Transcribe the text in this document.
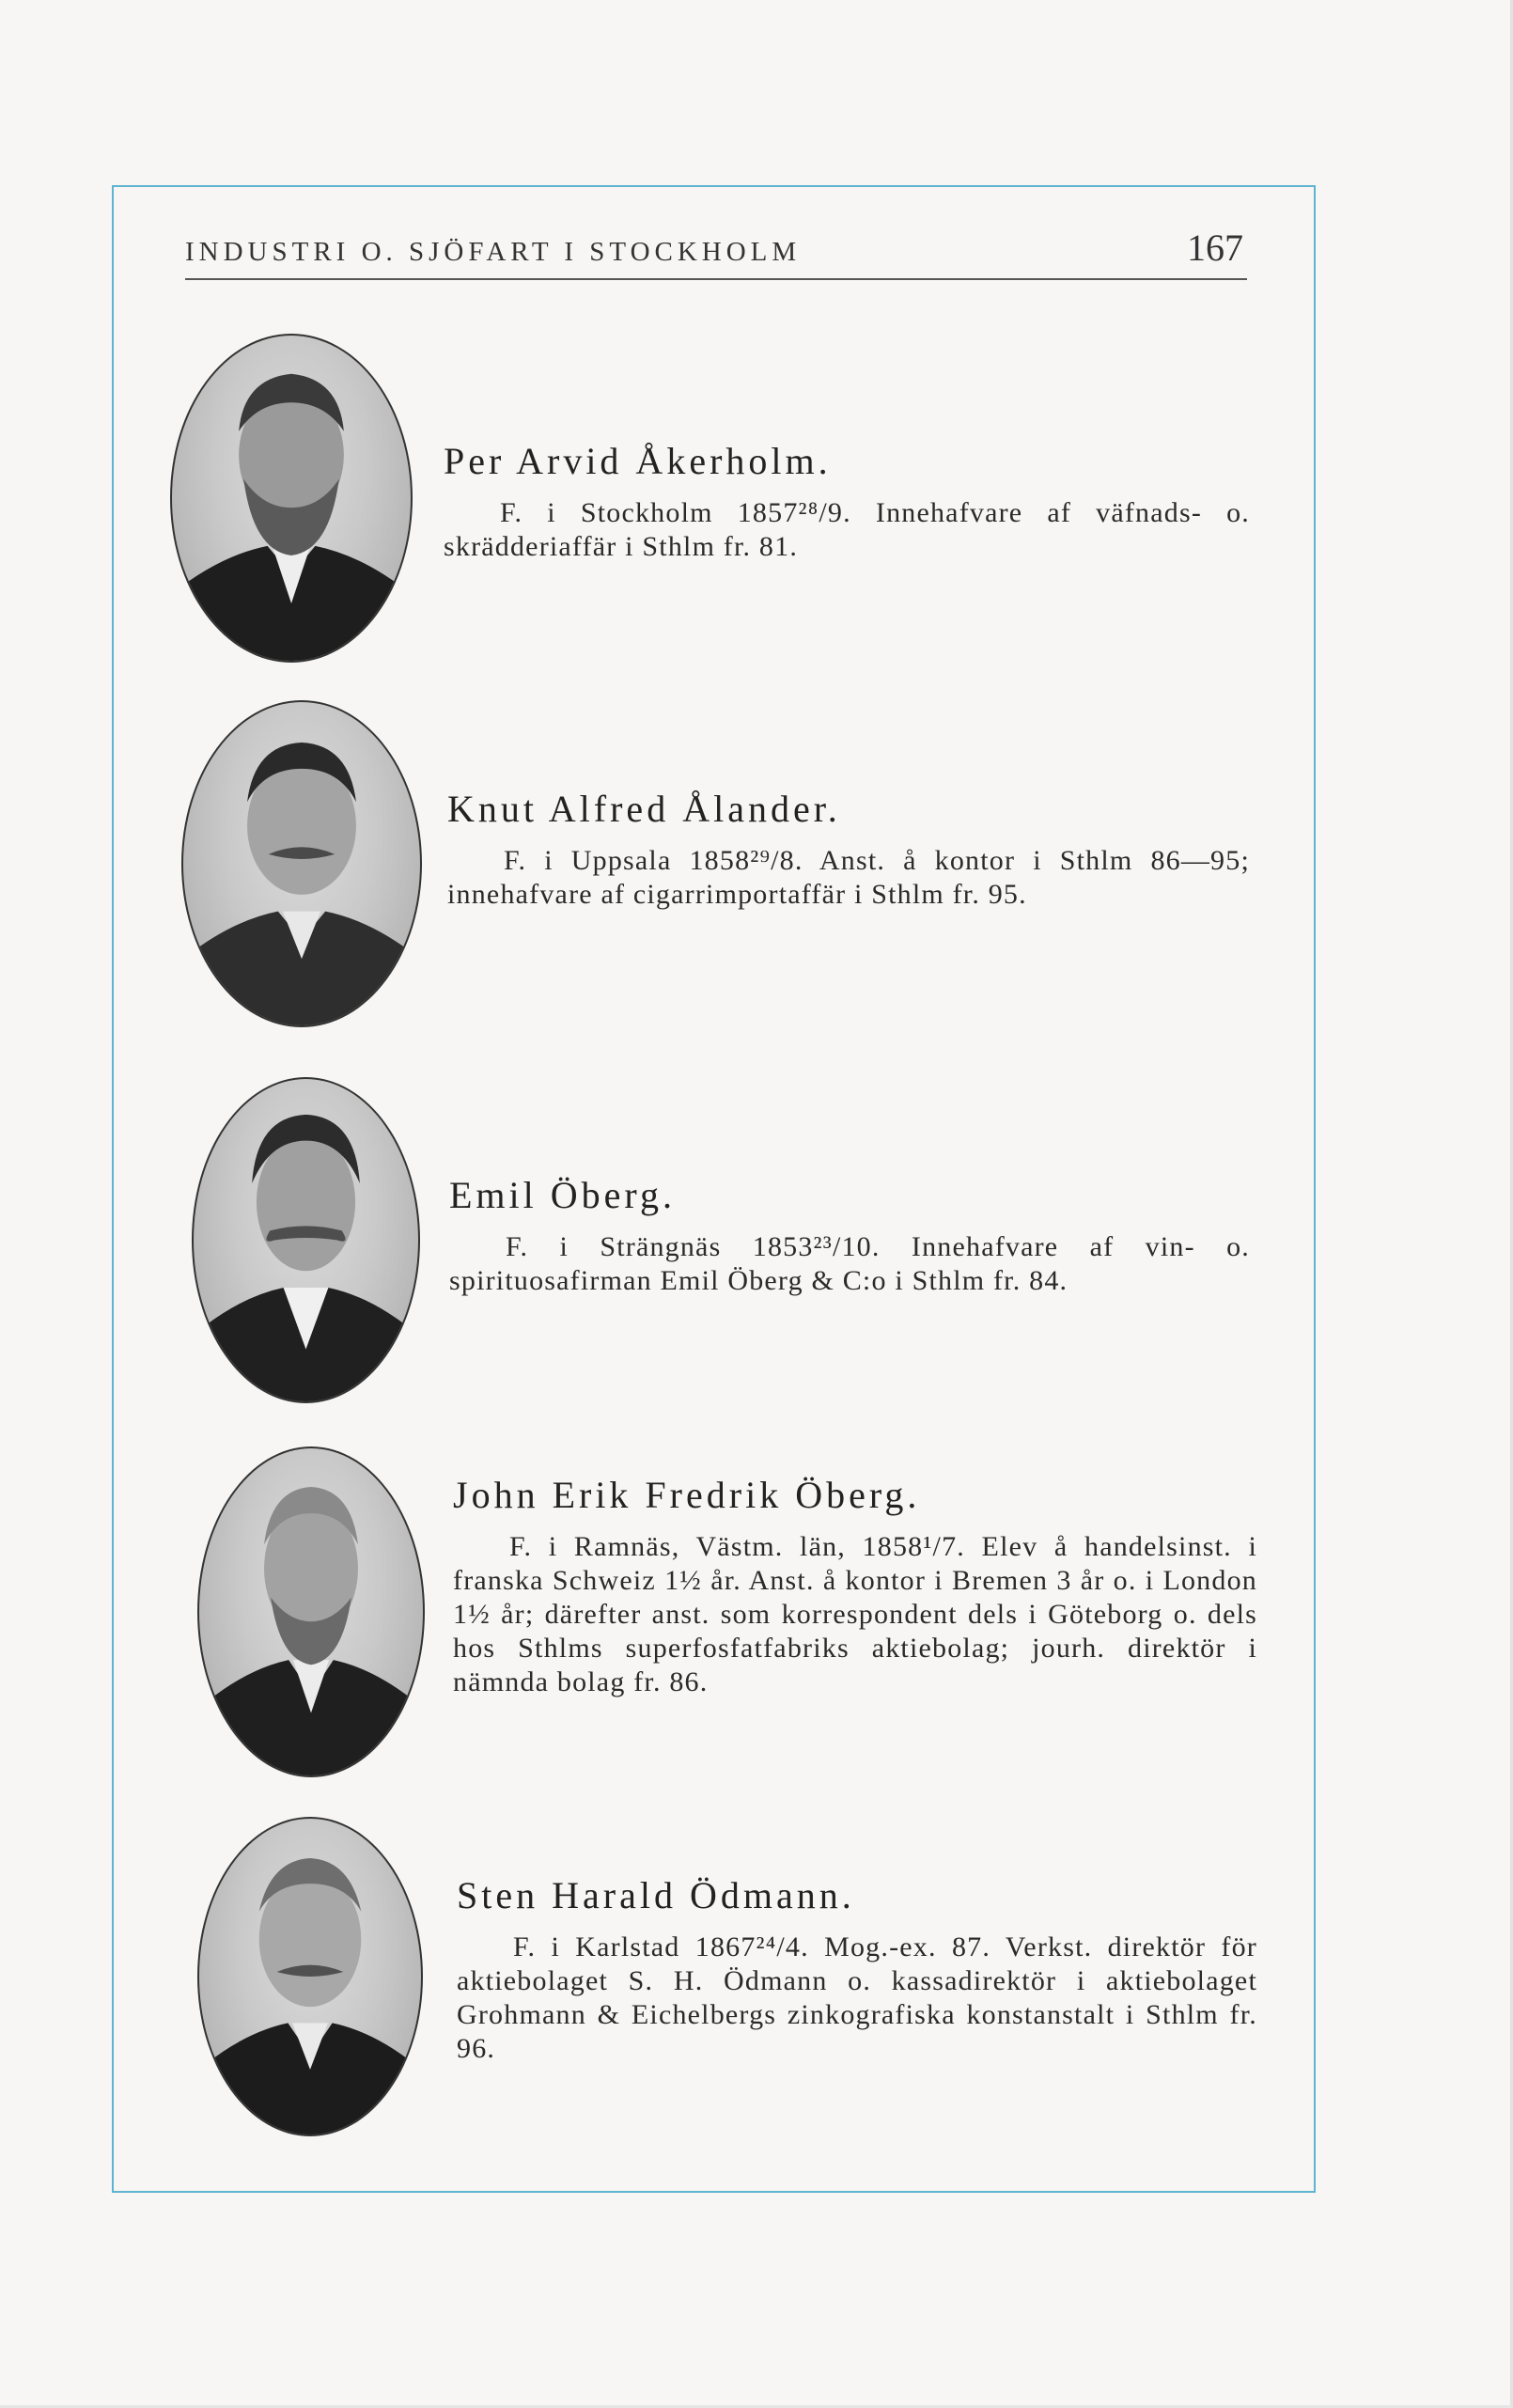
INDUSTRI O. SJÖFART I STOCKHOLM	167
Per Arvid Åkerholm.
F. i Stockholm 1857²⁸/9. Innehafvare af väfnads- o. skrädderiaffär i Sthlm fr. 81.
Knut Alfred Ålander.
F. i Uppsala 1858²⁹/8. Anst. å kontor i Sthlm 86—95; innehafvare af cigarrimportaffär i Sthlm fr. 95.
Emil Öberg.
F. i Strängnäs 1853²³/10. Innehafvare af vin- o. spirituosafirman Emil Öberg & C:o i Sthlm fr. 84.
John Erik Fredrik Öberg.
F. i Ramnäs, Västm. län, 1858¹/7. Elev å handelsinst. i franska Schweiz 1½ år. Anst. å kontor i Bremen 3 år o. i London 1½ år; därefter anst. som korrespondent dels i Göteborg o. dels hos Sthlms superfosfatfabriks aktiebolag; jourh. direktör i nämnda bolag fr. 86.
Sten Harald Ödmann.
F. i Karlstad 1867²⁴/4. Mog.-ex. 87. Verkst. direktör för aktiebolaget S. H. Ödmann o. kassadirektör i aktiebolaget Grohmann & Eichelbergs zinkografiska konstanstalt i Sthlm fr. 96.
